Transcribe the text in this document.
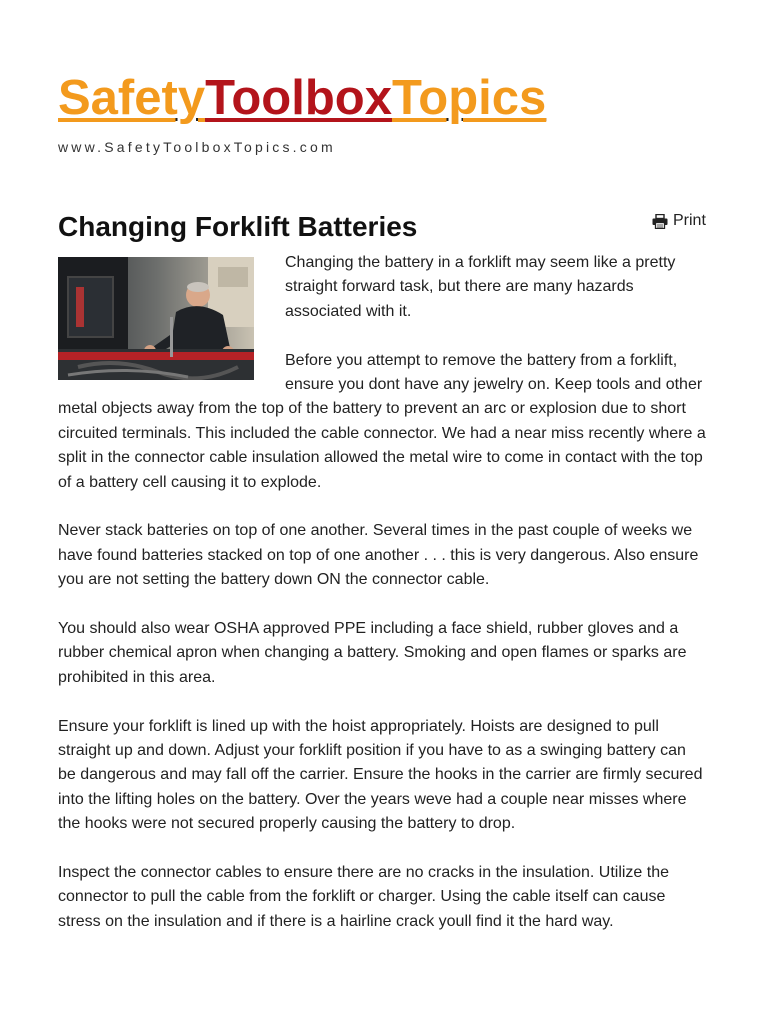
SafetyToolboxTopics
www.SafetyToolboxTopics.com
Changing Forklift Batteries	Print

Changing the battery in a forklift may seem like a pretty straight forward task, but there are many hazards associated with it.

Before you attempt to remove the battery from a forklift, ensure you dont have any jewelry on. Keep tools and other metal objects away from the top of the battery to prevent an arc or explosion due to short circuited terminals. This included the cable connector. We had a near miss recently where a split in the connector cable insulation allowed the metal wire to come in contact with the top of a battery cell causing it to explode.

Never stack batteries on top of one another. Several times in the past couple of weeks we have found batteries stacked on top of one another . . . this is very dangerous. Also ensure you are not setting the battery down ON the connector cable.

You should also wear OSHA approved PPE including a face shield, rubber gloves and a rubber chemical apron when changing a battery. Smoking and open flames or sparks are prohibited in this area.

Ensure your forklift is lined up with the hoist appropriately. Hoists are designed to pull straight up and down. Adjust your forklift position if you have to as a swinging battery can be dangerous and may fall off the carrier. Ensure the hooks in the carrier are firmly secured into the lifting holes on the battery. Over the years weve had a couple near misses where the hooks were not secured properly causing the battery to drop.

Inspect the connector cables to ensure there are no cracks in the insulation. Utilize the connector to pull the cable from the forklift or charger. Using the cable itself can cause stress on the insulation and if there is a hairline crack youll find it the hard way.
